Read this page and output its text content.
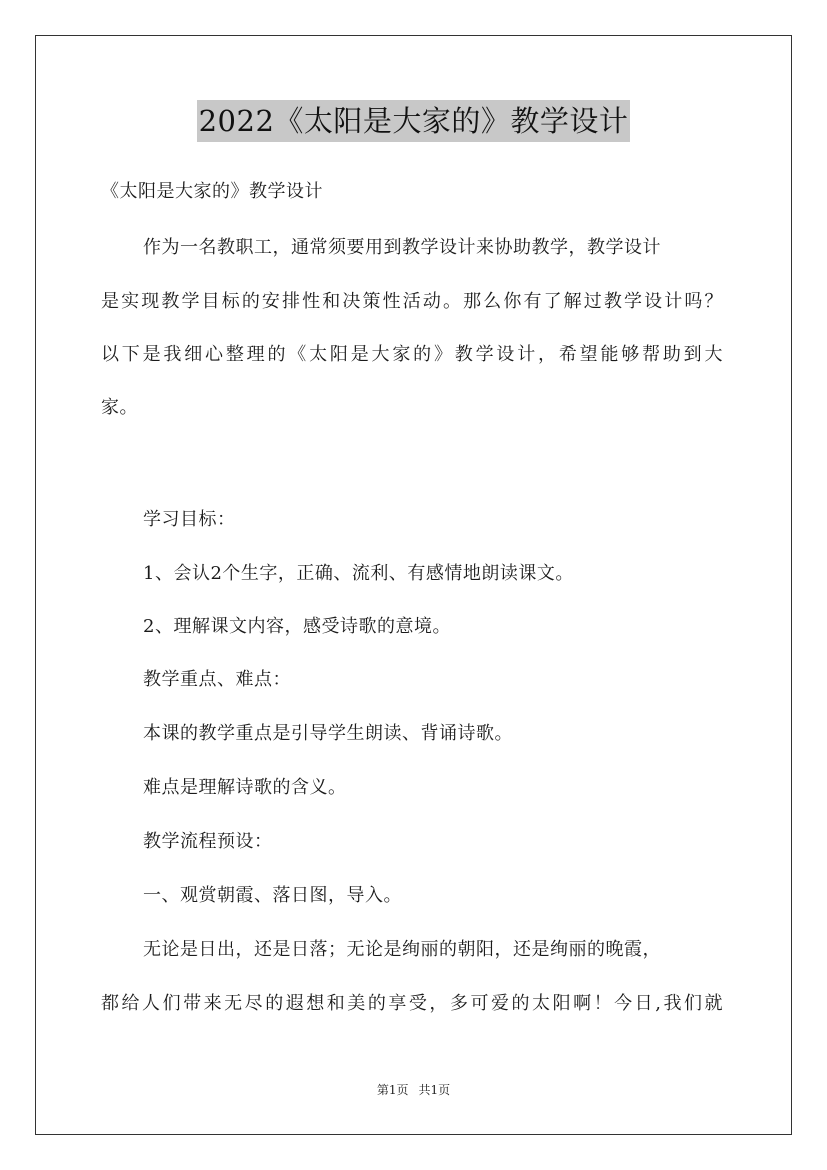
2022《太阳是大家的》教学设计
《太阳是大家的》教学设计
作为一名教职工，通常须要用到教学设计来协助教学，教学设计
是实现教学目标的安排性和决策性活动。那么你有了解过教学设计吗？
以下是我细心整理的《太阳是大家的》教学设计，希望能够帮助到大
家。
学习目标：
1、会认2个生字，正确、流利、有感情地朗读课文。
2、理解课文内容，感受诗歌的意境。
教学重点、难点：
本课的教学重点是引导学生朗读、背诵诗歌。
难点是理解诗歌的含义。
教学流程预设：
一、观赏朝霞、落日图，导入。
无论是日出，还是日落；无论是绚丽的朝阳，还是绚丽的晚霞，
都给人们带来无尽的遐想和美的享受，多可爱的太阳啊！今日,我们就
第1页 共1页
